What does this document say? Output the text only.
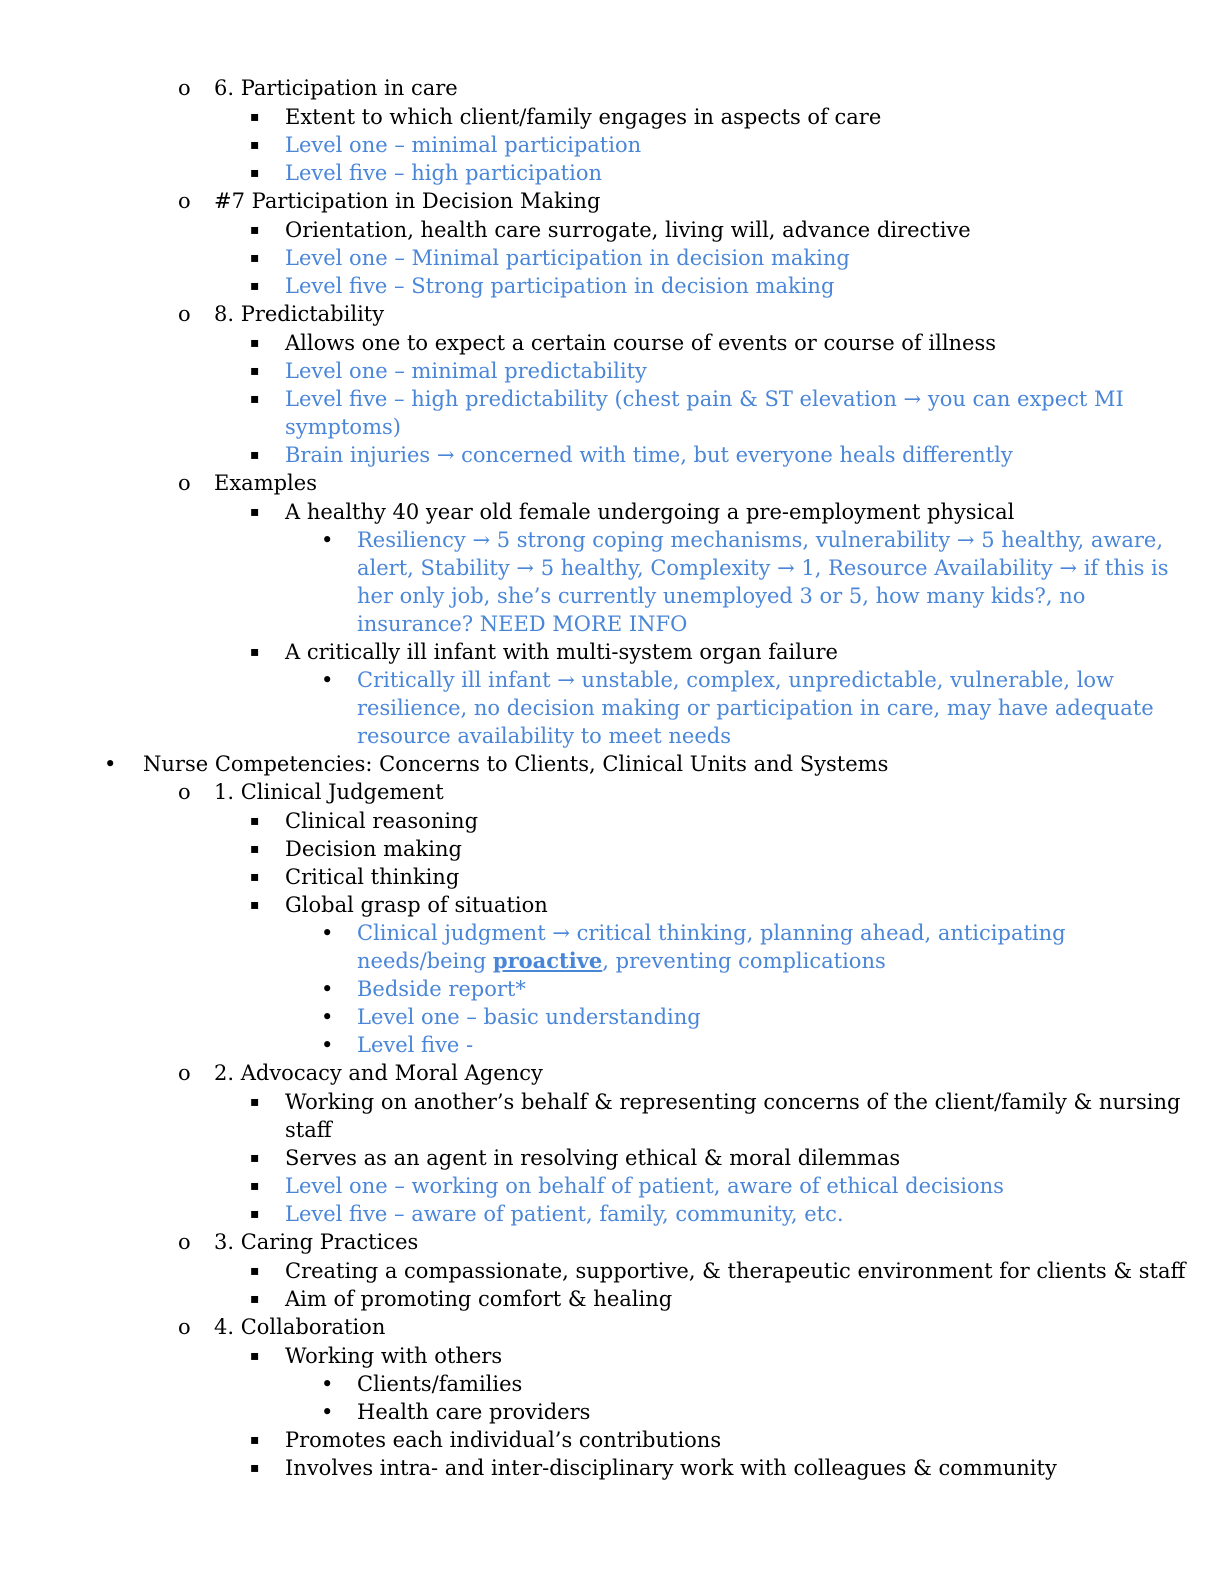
o 6. Participation in care
▪ Extent to which client/family engages in aspects of care
▪ Level one – minimal participation
▪ Level five – high participation
o #7 Participation in Decision Making
▪ Orientation, health care surrogate, living will, advance directive
▪ Level one – Minimal participation in decision making
▪ Level five – Strong participation in decision making
o 8. Predictability
▪ Allows one to expect a certain course of events or course of illness
▪ Level one – minimal predictability
▪ Level five – high predictability (chest pain & ST elevation → you can expect MI
symptoms)
▪ Brain injuries → concerned with time, but everyone heals differently
o Examples
▪ A healthy 40 year old female undergoing a pre-employment physical
• Resiliency → 5 strong coping mechanisms, vulnerability → 5 healthy, aware,
alert, Stability → 5 healthy, Complexity → 1, Resource Availability → if this is
her only job, she’s currently unemployed 3 or 5, how many kids?, no
insurance? NEED MORE INFO
▪ A critically ill infant with multi-system organ failure
• Critically ill infant → unstable, complex, unpredictable, vulnerable, low
resilience, no decision making or participation in care, may have adequate
resource availability to meet needs
• Nurse Competencies: Concerns to Clients, Clinical Units and Systems
o 1. Clinical Judgement
▪ Clinical reasoning
▪ Decision making
▪ Critical thinking
▪ Global grasp of situation
• Clinical judgment → critical thinking, planning ahead, anticipating
needs/being proactive, preventing complications
• Bedside report*
• Level one – basic understanding
• Level five -
o 2. Advocacy and Moral Agency
▪ Working on another’s behalf & representing concerns of the client/family & nursing
staff
▪ Serves as an agent in resolving ethical & moral dilemmas
▪ Level one – working on behalf of patient, aware of ethical decisions
▪ Level five – aware of patient, family, community, etc.
o 3. Caring Practices
▪ Creating a compassionate, supportive, & therapeutic environment for clients & staff
▪ Aim of promoting comfort & healing
o 4. Collaboration
▪ Working with others
• Clients/families
• Health care providers
▪ Promotes each individual’s contributions
▪ Involves intra- and inter-disciplinary work with colleagues & community
